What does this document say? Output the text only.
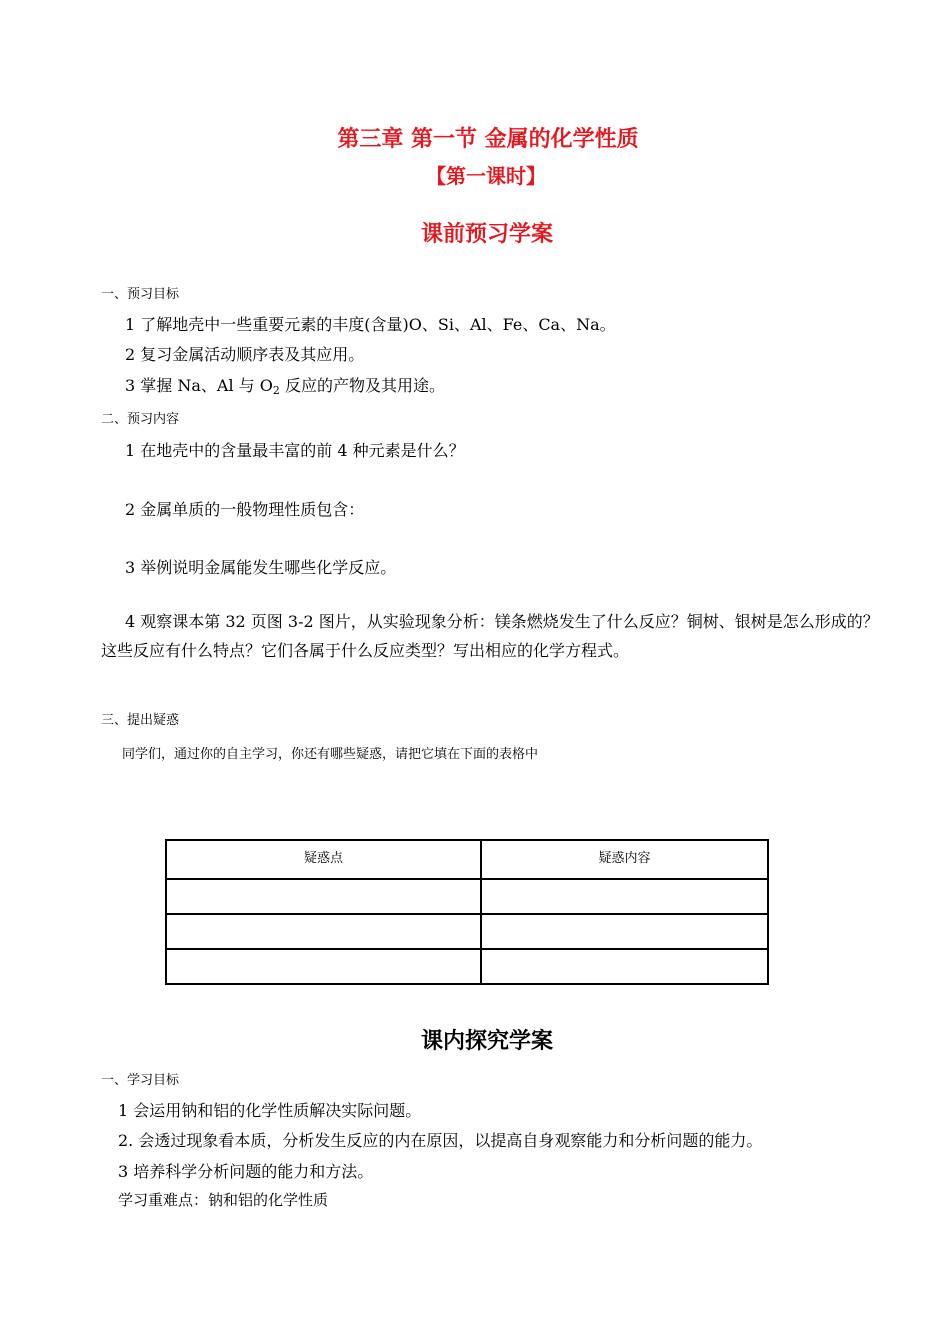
第三章 第一节 金属的化学性质
【第一课时】
课前预习学案
一、预习目标
1 了解地壳中一些重要元素的丰度(含量)O、Si、Al、Fe、Ca、Na。
2 复习金属活动顺序表及其应用。
3 掌握 Na、Al 与 $O_2$ 反应的产物及其用途。
二、预习内容
1 在地壳中的含量最丰富的前 4 种元素是什么？
2 金属单质的一般物理性质包含：
3 举例说明金属能发生哪些化学反应。
4 观察课本第 32 页图 3-2 图片，从实验现象分析：镁条燃烧发生了什么反应？铜树、银树是怎么形成的？这些反应有什么特点？它们各属于什么反应类型？写出相应的化学方程式。
三、提出疑惑
同学们，通过你的自主学习，你还有哪些疑惑，请把它填在下面的表格中
疑惑点	疑惑内容

课内探究学案
一、学习目标
1 会运用钠和铝的化学性质解决实际问题。
2. 会透过现象看本质，分析发生反应的内在原因，以提高自身观察能力和分析问题的能力。
3 培养科学分析问题的能力和方法。
学习重难点：钠和铝的化学性质
